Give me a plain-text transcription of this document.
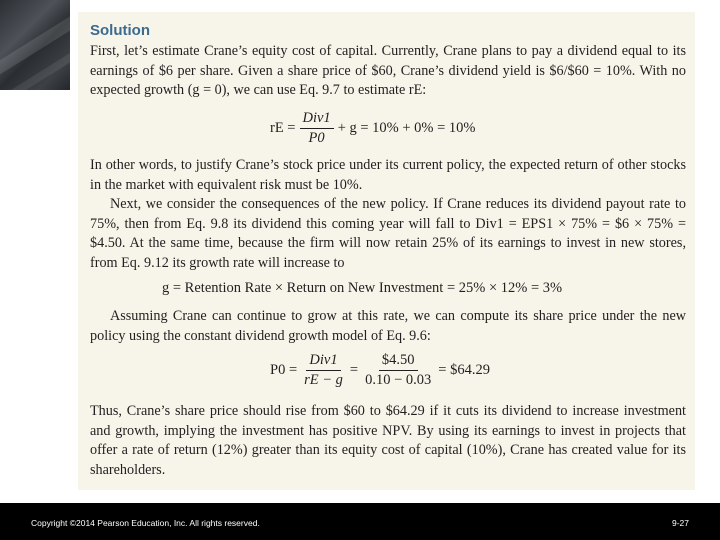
Solution
First, let’s estimate Crane’s equity cost of capital. Currently, Crane plans to pay a dividend equal to its earnings of $6 per share. Given a share price of $60, Crane’s dividend yield is $6/$60 = 10%. With no expected growth (g = 0), we can use Eq. 9.7 to estimate rE:
rE = $\frac{\text{Div1}}{P0} + g = 10\% + 0\% = 10\%$
In other words, to justify Crane’s stock price under its current policy, the expected return of other stocks in the market with equivalent risk must be 10%.
Next, we consider the consequences of the new policy. If Crane reduces its dividend payout rate to 75%, then from Eq. 9.8 its dividend this coming year will fall to Div1 = EPS1 × 75% = $6 × 75% = $4.50. At the same time, because the firm will now retain 25% of its earnings to invest in new stores, from Eq. 9.12 its growth rate will increase to
g = Retention Rate × Return on New Investment = 25% × 12% = 3%
Assuming Crane can continue to grow at this rate, we can compute its share price under the new policy using the constant dividend growth model of Eq. 9.6:
$P0 = \frac{\text{Div1}}{rE - g} = \frac{\$4.50}{0.10 - 0.03}$ = $64.29
Thus, Crane’s share price should rise from $60 to $64.29 if it cuts its dividend to increase investment and growth, implying the investment has positive NPV. By using its earnings to invest in projects that offer a rate of return (12%) greater than its equity cost of capital (10%), Crane has created value for its shareholders.
Copyright ©2014 Pearson Education, Inc. All rights reserved.	9-27
